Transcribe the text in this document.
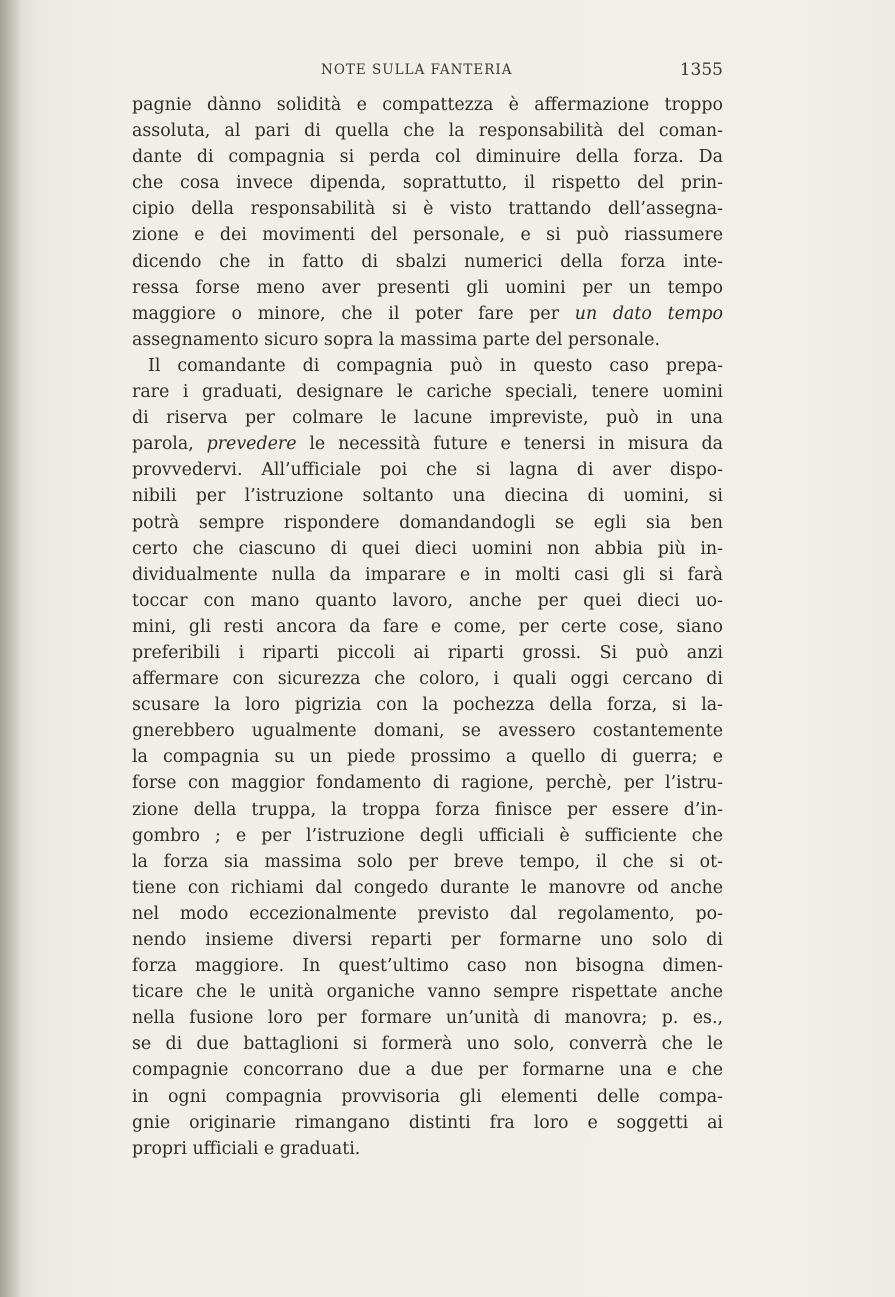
NOTE SULLA FANTERIA	1355
pagnie dànno solidità e compattezza è affermazione troppo
assoluta, al pari di quella che la responsabilità del coman-
dante di compagnia si perda col diminuire della forza. Da
che cosa invece dipenda, soprattutto, il rispetto del prin-
cipio della responsabilità si è visto trattando dell’assegna-
zione e dei movimenti del personale, e si può riassumere
dicendo che in fatto di sbalzi numerici della forza inte-
ressa forse meno aver presenti gli uomini per un tempo
maggiore o minore, che il poter fare per un dato tempo
assegnamento sicuro sopra la massima parte del personale.
Il comandante di compagnia può in questo caso prepa-
rare i graduati, designare le cariche speciali, tenere uomini
di riserva per colmare le lacune impreviste, può in una
parola, prevedere le necessità future e tenersi in misura da
provvedervi. All’ufficiale poi che si lagna di aver dispo-
nibili per l’istruzione soltanto una diecina di uomini, si
potrà sempre rispondere domandandogli se egli sia ben
certo che ciascuno di quei dieci uomini non abbia più in-
dividualmente nulla da imparare e in molti casi gli si farà
toccar con mano quanto lavoro, anche per quei dieci uo-
mini, gli resti ancora da fare e come, per certe cose, siano
preferibili i riparti piccoli ai riparti grossi. Si può anzi
affermare con sicurezza che coloro, i quali oggi cercano di
scusare la loro pigrizia con la pochezza della forza, si la-
gnerebbero ugualmente domani, se avessero costantemente
la compagnia su un piede prossimo a quello di guerra; e
forse con maggior fondamento di ragione, perchè, per l’istru-
zione della truppa, la troppa forza finisce per essere d’in-
gombro ; e per l’istruzione degli ufficiali è sufficiente che
la forza sia massima solo per breve tempo, il che si ot-
tiene con richiami dal congedo durante le manovre od anche
nel modo eccezionalmente previsto dal regolamento, po-
nendo insieme diversi reparti per formarne uno solo di
forza maggiore. In quest’ultimo caso non bisogna dimen-
ticare che le unità organiche vanno sempre rispettate anche
nella fusione loro per formare un’unità di manovra; p. es.,
se di due battaglioni si formerà uno solo, converrà che le
compagnie concorrano due a due per formarne una e che
in ogni compagnia provvisoria gli elementi delle compa-
gnie originarie rimangano distinti fra loro e soggetti ai
propri ufficiali e graduati.
